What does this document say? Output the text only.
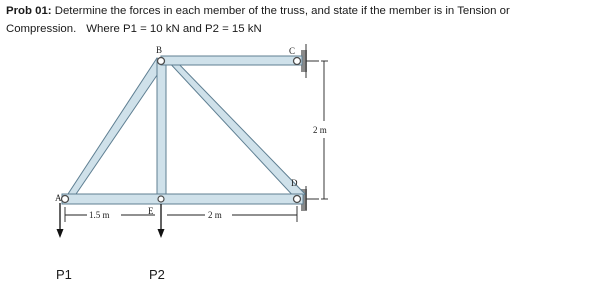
Prob 01: Determine the forces in each member of the truss, and state if the member is in Tension or
Compression. Where P1 = 10 kN and P2 = 15 kN
A
B	C
D
E
1.5 m	2 m
2 m
P1	P2
